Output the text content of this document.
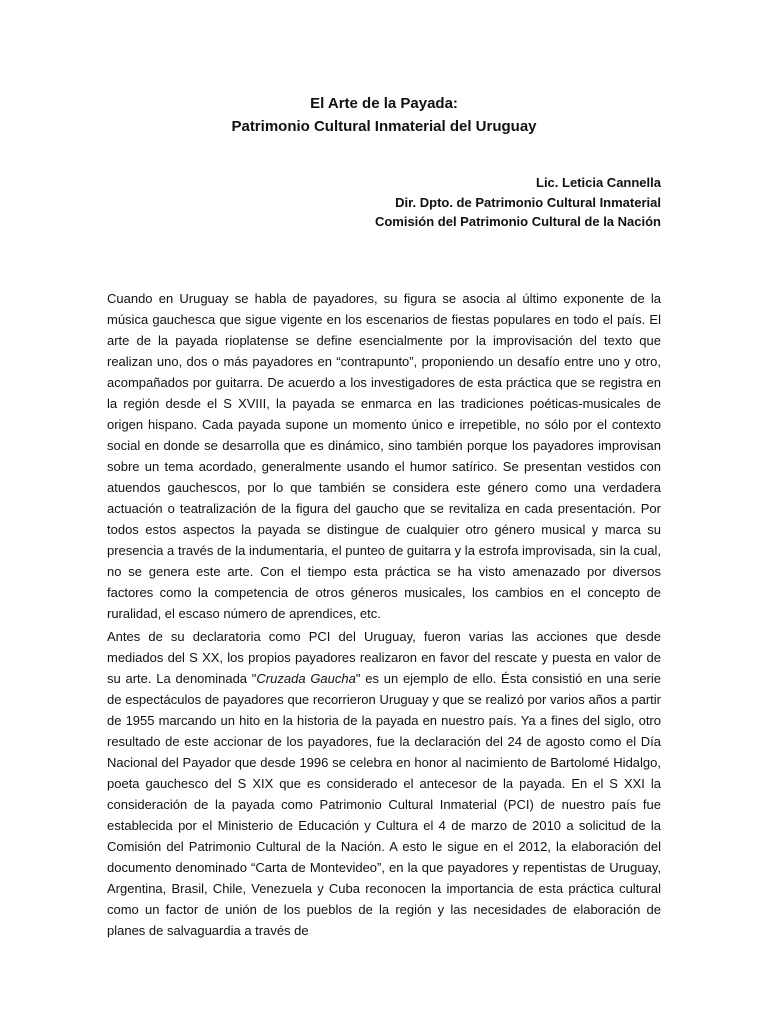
El Arte de la Payada:
Patrimonio Cultural Inmaterial del Uruguay
Lic. Leticia Cannella
Dir. Dpto. de Patrimonio Cultural Inmaterial
Comisión del Patrimonio Cultural de la Nación

Cuando en Uruguay se habla de payadores, su figura se asocia al último exponente de la música gauchesca que sigue vigente en los escenarios de fiestas populares en todo el país. El arte de la payada rioplatense se define esencialmente por la improvisación del texto que realizan uno, dos o más payadores en “contrapunto”, proponiendo un desafío entre uno y otro, acompañados por guitarra. De acuerdo a los investigadores de esta práctica que se registra en la región desde el S XVIII, la payada se enmarca en las tradiciones poéticas-musicales de origen hispano. Cada payada supone un momento único e irrepetible, no sólo por el contexto social en donde se desarrolla que es dinámico, sino también porque los payadores improvisan sobre un tema acordado, generalmente usando el humor satírico. Se presentan vestidos con atuendos gauchescos, por lo que también se considera este género como una verdadera actuación o teatralización de la figura del gaucho que se revitaliza en cada presentación. Por todos estos aspectos la payada se distingue de cualquier otro género musical y marca su presencia a través de la indumentaria, el punteo de guitarra y la estrofa improvisada, sin la cual, no se genera este arte. Con el tiempo esta práctica se ha visto amenazado por diversos factores como la competencia de otros géneros musicales, los cambios en el concepto de ruralidad, el escaso número de aprendices, etc.

Antes de su declaratoria como PCI del Uruguay, fueron varias las acciones que desde mediados del S XX, los propios payadores realizaron en favor del rescate y puesta en valor de su arte. La denominada "Cruzada Gaucha" es un ejemplo de ello. Ésta consistió en una serie de espectáculos de payadores que recorrieron Uruguay y que se realizó por varios años a partir de 1955 marcando un hito en la historia de la payada en nuestro país. Ya a fines del siglo, otro resultado de este accionar de los payadores, fue la declaración del 24 de agosto como el Día Nacional del Payador que desde 1996 se celebra en honor al nacimiento de Bartolomé Hidalgo, poeta gauchesco del S XIX que es considerado el antecesor de la payada. En el S XXI la consideración de la payada como Patrimonio Cultural Inmaterial (PCI) de nuestro país fue establecida por el Ministerio de Educación y Cultura el 4 de marzo de 2010 a solicitud de la Comisión del Patrimonio Cultural de la Nación. A esto le sigue en el 2012, la elaboración del documento denominado “Carta de Montevideo”, en la que payadores y repentistas de Uruguay, Argentina, Brasil, Chile, Venezuela y Cuba reconocen la importancia de esta práctica cultural como un factor de unión de los pueblos de la región y las necesidades de elaboración de planes de salvaguardia a través de
